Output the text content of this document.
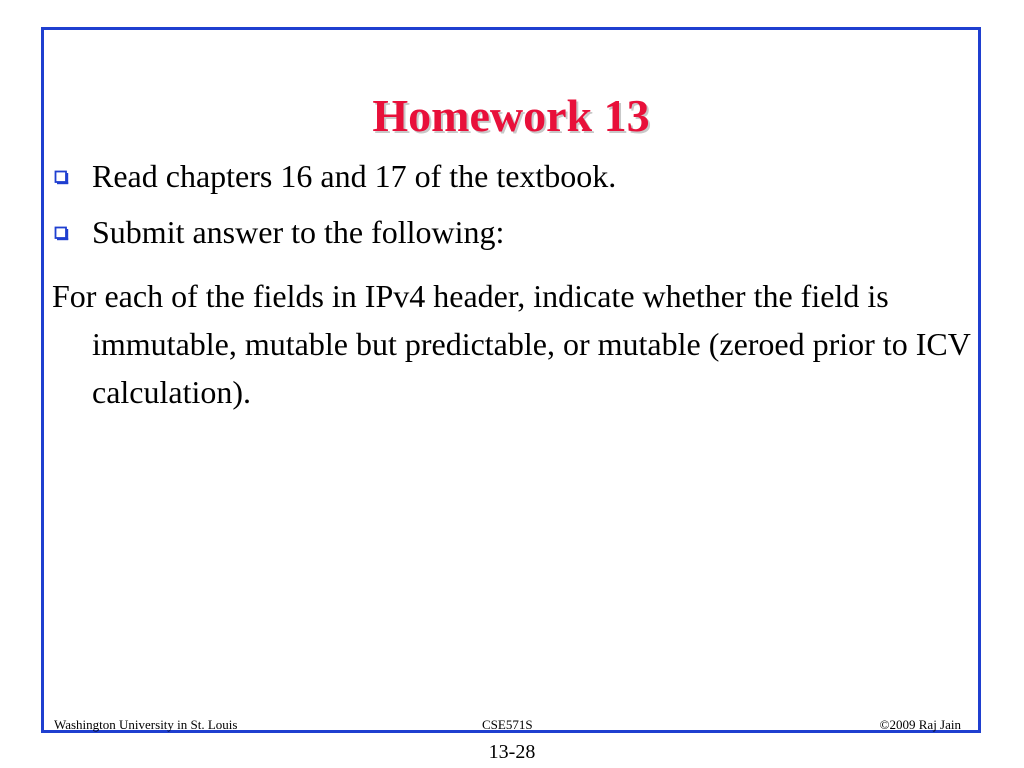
Homework 13
Read chapters 16 and 17 of the textbook.
Submit answer to the following:

For each of the fields in IPv4 header, indicate whether the field is immutable, mutable but predictable, or mutable (zeroed prior to ICV calculation).

Washington University in St. Louis	CSE571S	©2009 Raj Jain
13-28
